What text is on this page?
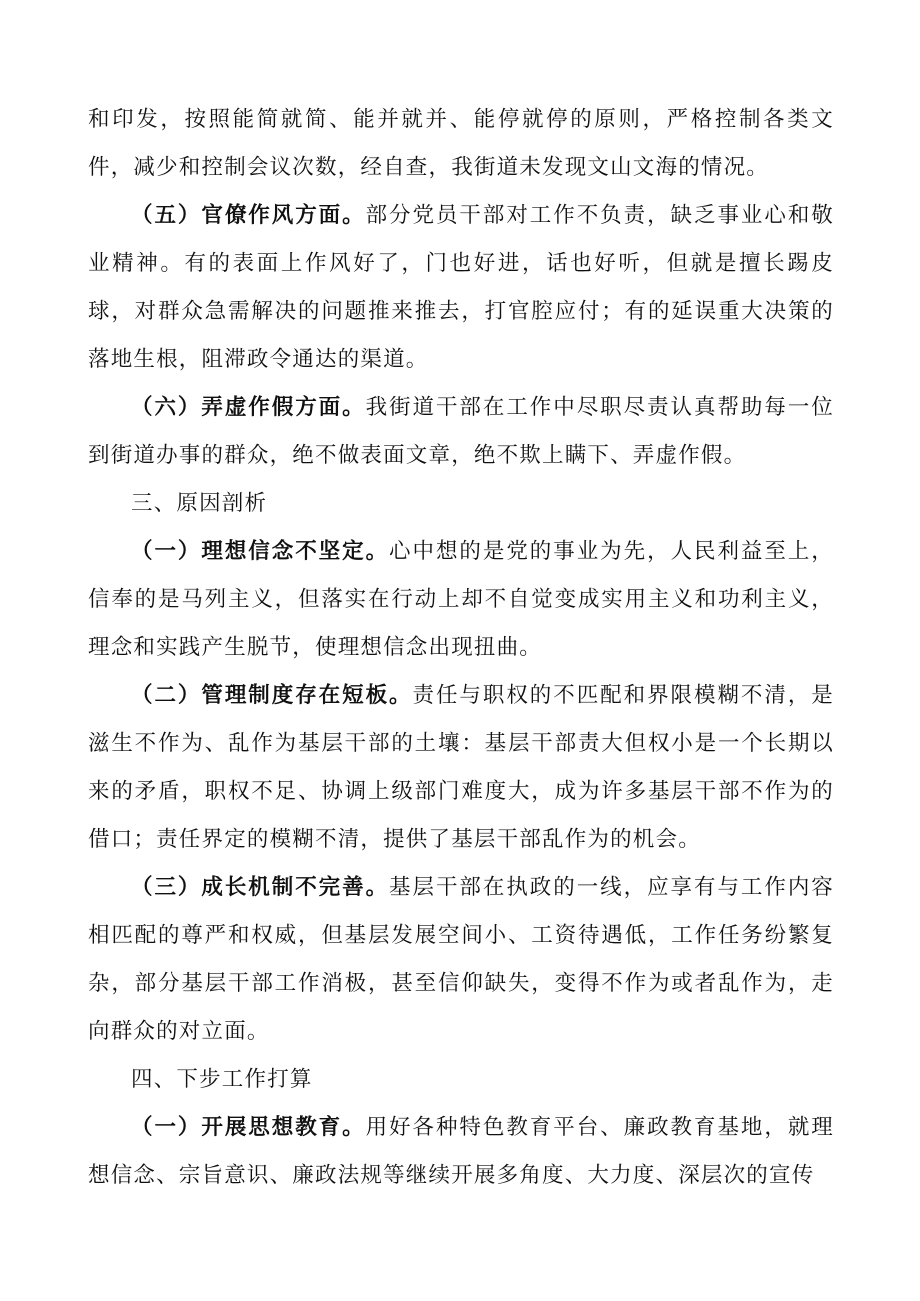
和印发，按照能简就简、能并就并、能停就停的原则，严格控制各类文件，减少和控制会议次数，经自查，我街道未发现文山文海的情况。

（五）官僚作风方面。部分党员干部对工作不负责，缺乏事业心和敬业精神。有的表面上作风好了，门也好进，话也好听，但就是擅长踢皮球，对群众急需解决的问题推来推去，打官腔应付；有的延误重大决策的落地生根，阻滞政令通达的渠道。

（六）弄虚作假方面。我街道干部在工作中尽职尽责认真帮助每一位到街道办事的群众，绝不做表面文章，绝不欺上瞒下、弄虚作假。

三、原因剖析

（一）理想信念不坚定。心中想的是党的事业为先，人民利益至上，信奉的是马列主义，但落实在行动上却不自觉变成实用主义和功利主义，理念和实践产生脱节，使理想信念出现扭曲。

（二）管理制度存在短板。责任与职权的不匹配和界限模糊不清，是滋生不作为、乱作为基层干部的土壤：基层干部责大但权小是一个长期以来的矛盾，职权不足、协调上级部门难度大，成为许多基层干部不作为的借口；责任界定的模糊不清，提供了基层干部乱作为的机会。

（三）成长机制不完善。基层干部在执政的一线，应享有与工作内容相匹配的尊严和权威，但基层发展空间小、工资待遇低，工作任务纷繁复杂，部分基层干部工作消极，甚至信仰缺失，变得不作为或者乱作为，走向群众的对立面。

四、下步工作打算

（一）开展思想教育。用好各种特色教育平台、廉政教育基地，就理想信念、宗旨意识、廉政法规等继续开展多角度、大力度、深层次的宣传
